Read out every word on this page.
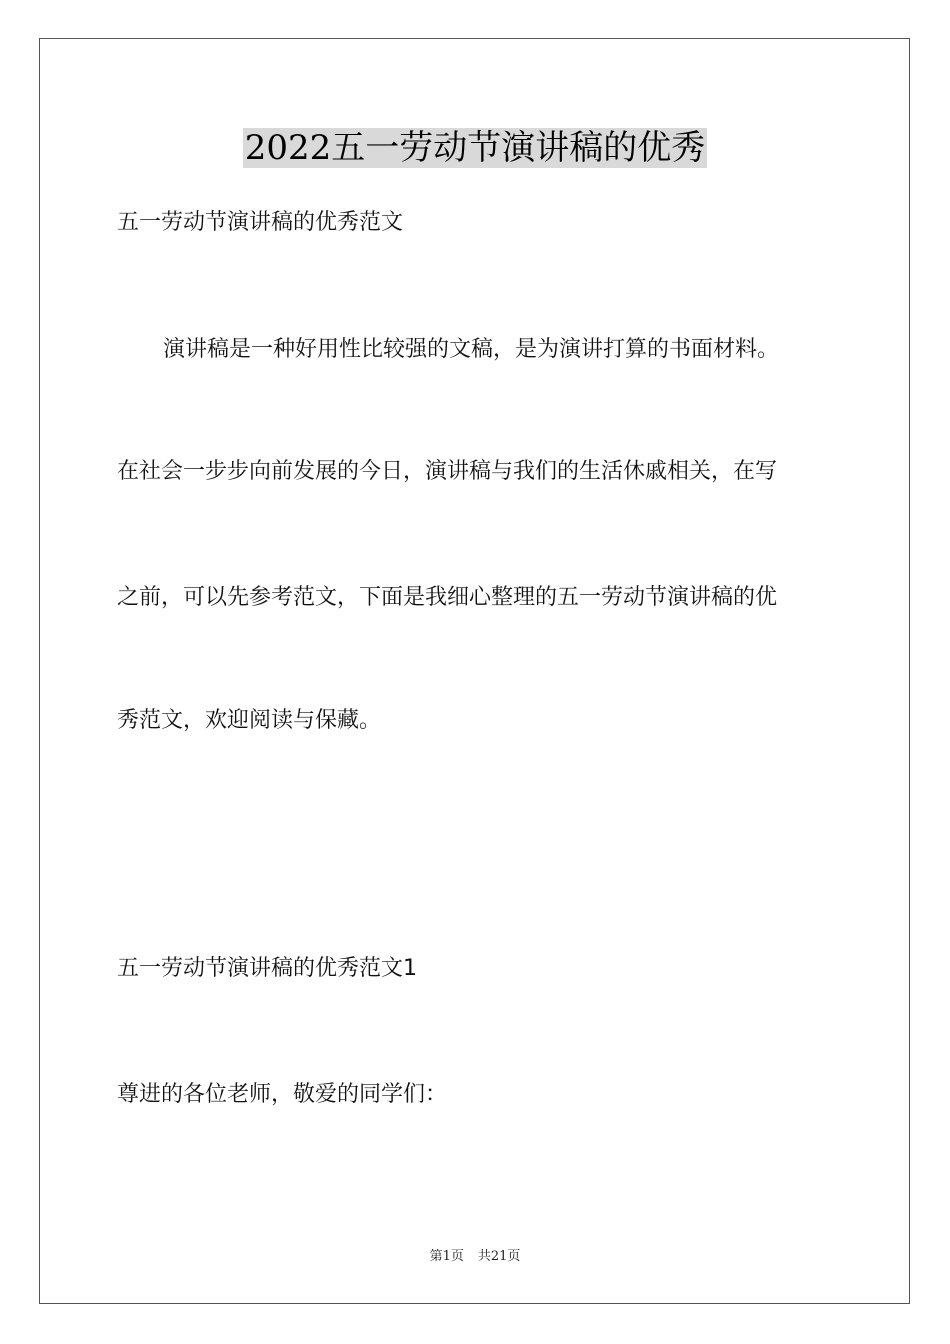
2022五一劳动节演讲稿的优秀
五一劳动节演讲稿的优秀范文
演讲稿是一种好用性比较强的文稿，是为演讲打算的书面材料。
在社会一步步向前发展的今日，演讲稿与我们的生活休戚相关，在写
之前，可以先参考范文，下面是我细心整理的五一劳动节演讲稿的优
秀范文，欢迎阅读与保藏。
五一劳动节演讲稿的优秀范文1
尊进的各位老师，敬爱的同学们：
第1页 共21页
